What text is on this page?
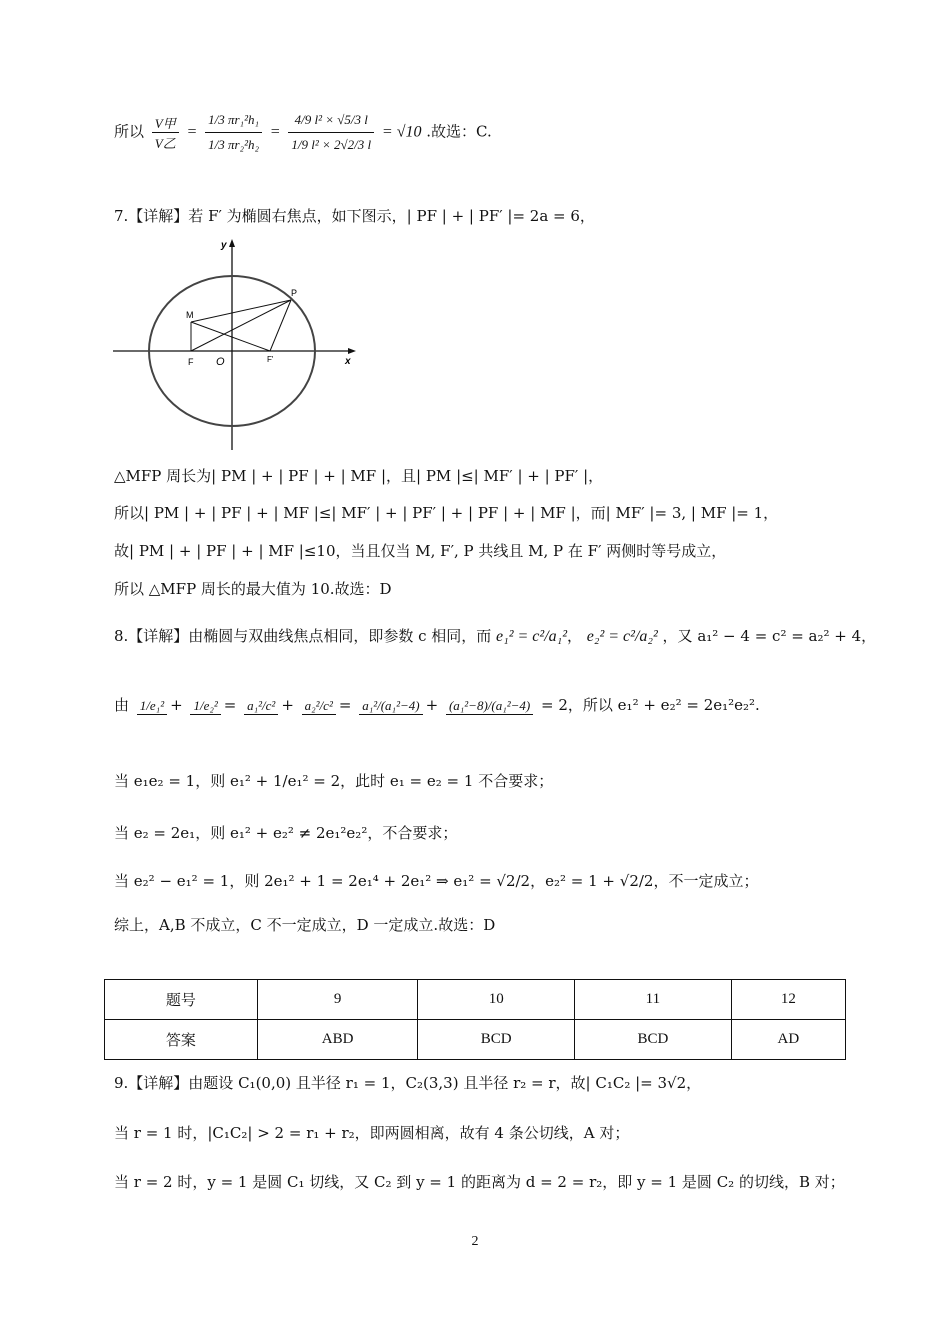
所以 $\frac{\text{V甲}}{\text{V乙}} = \frac{\text{1/3 πr₁²h₁}}{\text{1/3 πr₂²h₂}} = \frac{\text{4/9 l² × √5/3 l}}{\text{1/9 l² × 2√2/3 l}} = √10$ .故选：C.
7.【详解】若 F′ 为椭圆右焦点，如下图示，| PF | + | PF′ |= 2a = 6，
y
x
M
P
F O	F'
△MFP 周长为| PM | + | PF | + | MF |，且| PM |≤| MF′ | + | PF′ |，
所以| PM | + | PF | + | MF |≤| MF′ | + | PF′ | + | PF | + | MF |，而| MF′ |= 3, | MF |= 1，
故| PM | + | PF | + | MF |≤10，当且仅当 M, F′, P 共线且 M, P 在 F′ 两侧时等号成立，
所以 △MFP 周长的最大值为 10.故选：D
8.【详解】由椭圆与双曲线焦点相同，即参数 c 相同，而 e₁² = c²/a₁²， e₂² = c²/a₂² ，又 a₁² − 4 = c² = a₂² + 4，
由 1/e₁² + 1/e₂² = a₁²/c² + a₂²/c² = a₁²/(a₁²−4) + (a₁²−8)/(a₁²−4) = 2，所以 e₁² + e₂² = 2e₁²e₂².
当 e₁e₂ = 1，则 e₁² + 1/e₁² = 2，此时 e₁ = e₂ = 1 不合要求；
当 e₂ = 2e₁，则 e₁² + e₂² ≠ 2e₁²e₂²，不合要求；
当 e₂² − e₁² = 1，则 2e₁² + 1 = 2e₁⁴ + 2e₁² ⇒ e₁² = √2/2，e₂² = 1 + √2/2，不一定成立；
综上，A,B 不成立，C 不一定成立，D 一定成立.故选：D
题号	9	10	11	12
答案	ABD	BCD	BCD	AD
9.【详解】由题设 C₁(0,0) 且半径 r₁ = 1，C₂(3,3) 且半径 r₂ = r，故| C₁C₂ |= 3√2，
当 r = 1 时，|C₁C₂| > 2 = r₁ + r₂，即两圆相离，故有 4 条公切线，A 对；
当 r = 2 时，y = 1 是圆 C₁ 切线，又 C₂ 到 y = 1 的距离为 d = 2 = r₂，即 y = 1 是圆 C₂ 的切线，B 对；
2
